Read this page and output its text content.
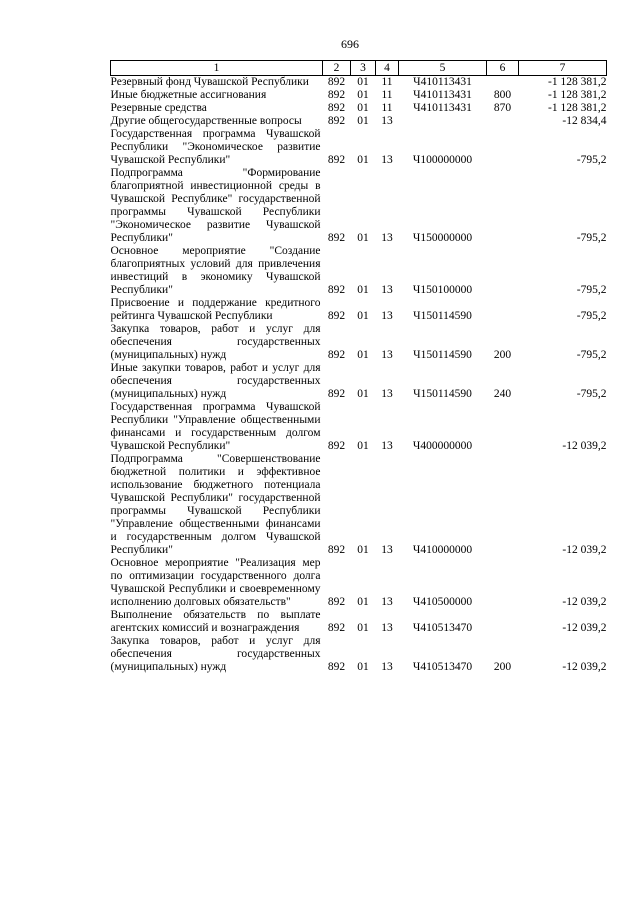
696
1	2	3	4	5	6	7
Резервный фонд Чувашской Республики	892	01	11	Ч410113431		-1 128 381,2
Иные бюджетные ассигнования	892	01	11	Ч410113431	800	-1 128 381,2
Резервные средства	892	01	11	Ч410113431	870	-1 128 381,2
Другие общегосударственные вопросы	892	01	13			-12 834,4
Государственная программа Чувашской Республики "Экономическое развитие Чувашской Республики"	892	01	13	Ч100000000		-795,2
Подпрограмма "Формирование благоприятной инвестиционной среды в Чувашской Республике" государственной программы Чувашской Республики "Экономическое развитие Чувашской Республики"	892	01	13	Ч150000000		-795,2
Основное мероприятие "Создание благоприятных условий для привлечения инвестиций в экономику Чувашской Республики"	892	01	13	Ч150100000		-795,2
Присвоение и поддержание кредитного рейтинга Чувашской Республики	892	01	13	Ч150114590		-795,2
Закупка товаров, работ и услуг для обеспечения государственных (муниципальных) нужд	892	01	13	Ч150114590	200	-795,2
Иные закупки товаров, работ и услуг для обеспечения государственных (муниципальных) нужд	892	01	13	Ч150114590	240	-795,2
Государственная программа Чувашской Республики "Управление общественными финансами и государственным долгом Чувашской Республики"	892	01	13	Ч400000000		-12 039,2
Подпрограмма "Совершенствование бюджетной политики и эффективное использование бюджетного потенциала Чувашской Республики" государственной программы Чувашской Республики "Управление общественными финансами и государственным долгом Чувашской Республики"	892	01	13	Ч410000000		-12 039,2
Основное мероприятие "Реализация мер по оптимизации государственного долга Чувашской Республики и своевременному исполнению долговых обязательств"	892	01	13	Ч410500000		-12 039,2
Выполнение обязательств по выплате агентских комиссий и вознаграждения	892	01	13	Ч410513470		-12 039,2
Закупка товаров, работ и услуг для обеспечения государственных (муниципальных) нужд	892	01	13	Ч410513470	200	-12 039,2
